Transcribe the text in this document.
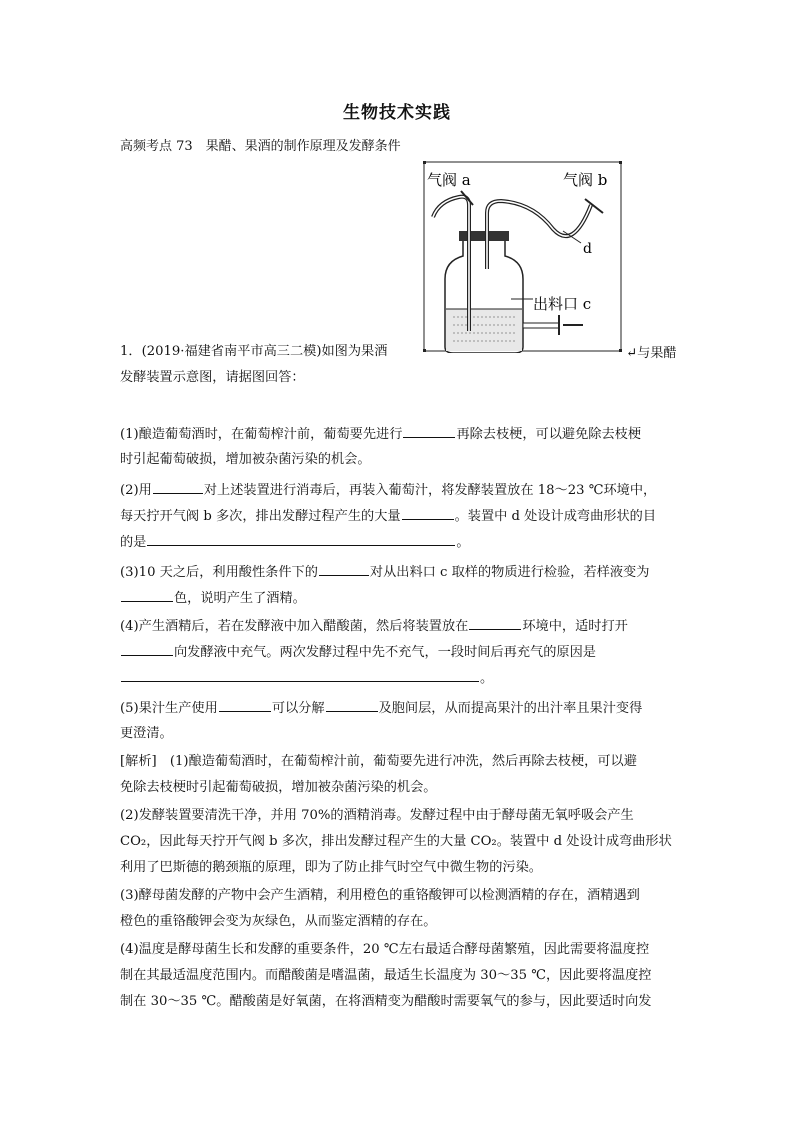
生物技术实践
高频考点 73　果醋、果酒的制作原理及发酵条件
气阀 a	气阀 b
d
出料口 c
1．(2019·福建省南平市高三二模)如图为果酒	↵与果醋
发酵装置示意图，请据图回答：
(1)酿造葡萄酒时，在葡萄榨汁前，葡萄要先进行	再除去枝梗，可以避免除去枝梗
时引起葡萄破损，增加被杂菌污染的机会。
(2)用	对上述装置进行消毒后，再装入葡萄汁，将发酵装置放在 18～23 ℃环境中，
每天拧开气阀 b 多次，排出发酵过程产生的大量	。装置中 d 处设计成弯曲形状的目
的是	。
(3)10 天之后，利用酸性条件下的	对从出料口 c 取样的物质进行检验，若样液变为
色，说明产生了酒精。
(4)产生酒精后，若在发酵液中加入醋酸菌，然后将装置放在	环境中，适时打开
向发酵液中充气。两次发酵过程中先不充气，一段时间后再充气的原因是
。
(5)果汁生产使用	可以分解	及胞间层，从而提高果汁的出汁率且果汁变得
更澄清。
[解析]　(1)酿造葡萄酒时，在葡萄榨汁前，葡萄要先进行冲洗，然后再除去枝梗，可以避
免除去枝梗时引起葡萄破损，增加被杂菌污染的机会。
(2)发酵装置要清洗干净，并用 70%的酒精消毒。发酵过程中由于酵母菌无氧呼吸会产生
CO₂，因此每天拧开气阀 b 多次，排出发酵过程产生的大量 CO₂。装置中 d 处设计成弯曲形状
利用了巴斯德的鹅颈瓶的原理，即为了防止排气时空气中微生物的污染。
(3)酵母菌发酵的产物中会产生酒精，利用橙色的重铬酸钾可以检测酒精的存在，酒精遇到
橙色的重铬酸钾会变为灰绿色，从而鉴定酒精的存在。
(4)温度是酵母菌生长和发酵的重要条件，20 ℃左右最适合酵母菌繁殖，因此需要将温度控
制在其最适温度范围内。而醋酸菌是嗜温菌，最适生长温度为 30～35 ℃，因此要将温度控
制在 30～35 ℃。醋酸菌是好氧菌，在将酒精变为醋酸时需要氧气的参与，因此要适时向发
